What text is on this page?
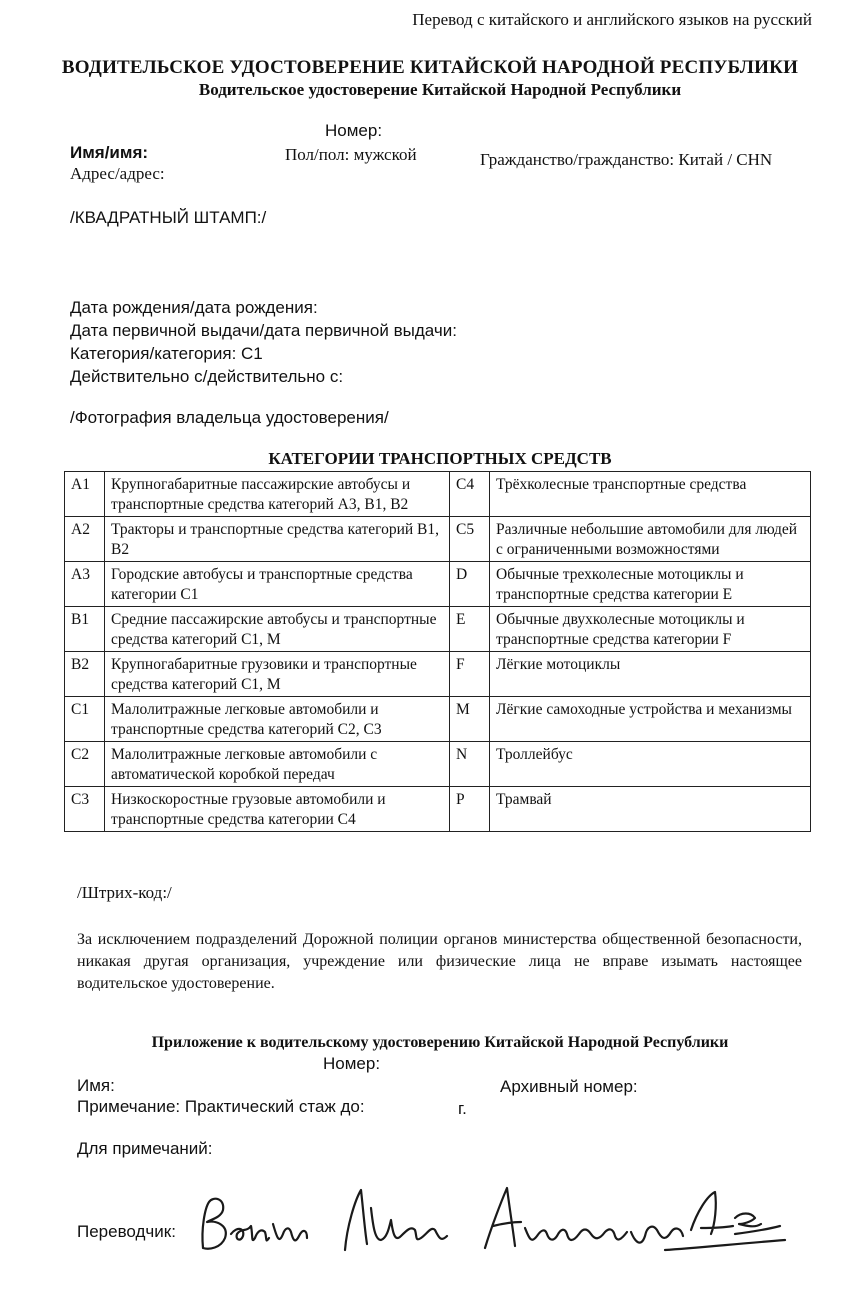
Перевод с китайского и английского языков на русский
ВОДИТЕЛЬСКОЕ УДОСТОВЕРЕНИЕ КИТАЙСКОЙ НАРОДНОЙ РЕСПУБЛИКИ
Водительское удостоверение Китайской Народной Республики
Номер:
Имя/имя:	Пол/пол: мужской	Гражданство/гражданство: Китай / CHN
Адрес/адрес:
/КВАДРАТНЫЙ ШТАМП:/
Дата рождения/дата рождения:
Дата первичной выдачи/дата первичной выдачи:
Категория/категория: C1
Действительно с/действительно с:
/Фотография владельца удостоверения/
КАТЕГОРИИ ТРАНСПОРТНЫХ СРЕДСТВ
A1	Крупногабаритные пассажирские автобусы и транспортные средства категорий A3, B1, B2	C4	Трёхколесные транспортные средства
A2	Тракторы и транспортные средства категорий B1, B2	C5	Различные небольшие автомобили для людей с ограниченными возможностями
A3	Городские автобусы и транспортные средства категории C1	D	Обычные трехколесные мотоциклы и транспортные средства категории E
B1	Средние пассажирские автобусы и транспортные средства категорий C1, M	E	Обычные двухколесные мотоциклы и транспортные средства категории F
B2	Крупногабаритные грузовики и транспортные средства категорий C1, M	F	Лёгкие мотоциклы
C1	Малолитражные легковые автомобили и транспортные средства категорий C2, C3	M	Лёгкие самоходные устройства и механизмы
C2	Малолитражные легковые автомобили с автоматической коробкой передач	N	Троллейбус
C3	Низкоскоростные грузовые автомобили и транспортные средства категории C4	P	Трамвай
/Штрих-код:/
За исключением подразделений Дорожной полиции органов министерства общественной безопасности, никакая другая организация, учреждение или физические лица не вправе изымать настоящее водительское удостоверение.
Приложение к водительскому удостоверению Китайской Народной Республики
Номер:
Имя:	Архивный номер:
Примечание: Практический стаж до:	г.
Для примечаний:
Переводчик:
